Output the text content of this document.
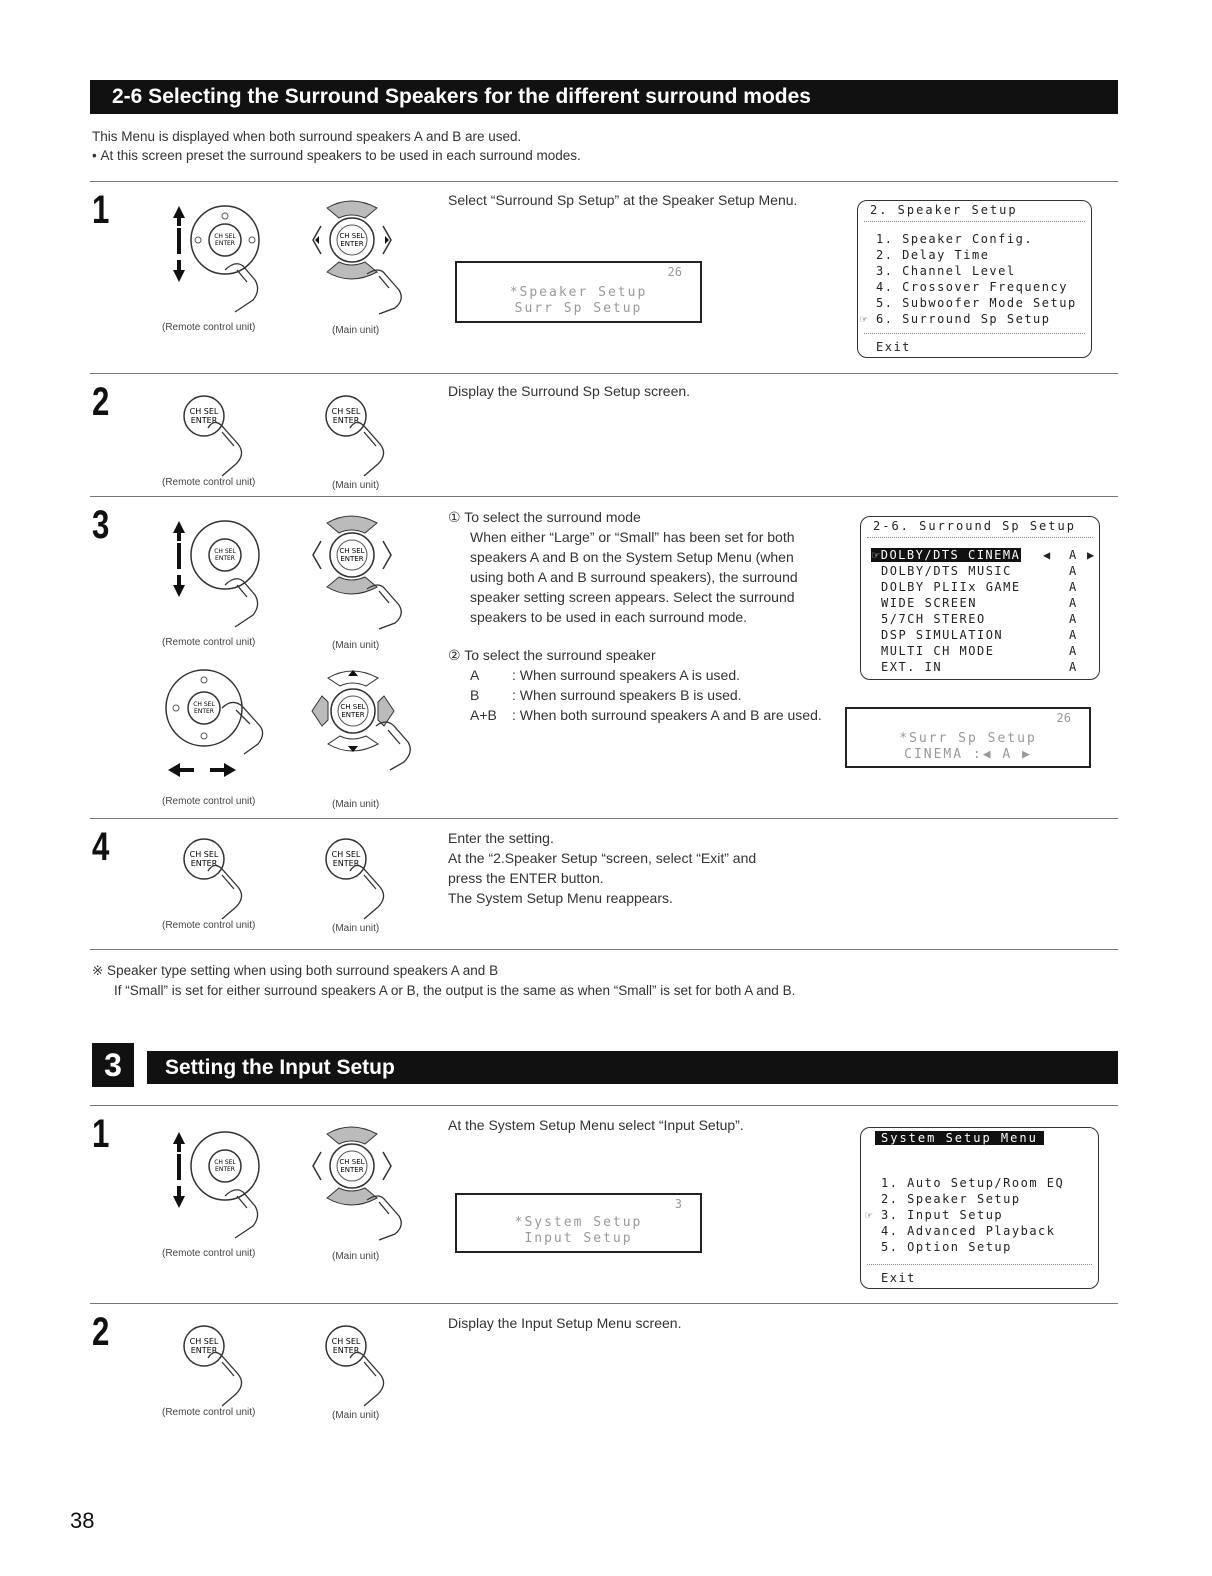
2-6 Selecting the Surround Speakers for the different surround modes
This Menu is displayed when both surround speakers A and B are used.
• At this screen preset the surround speakers to be used in each surround modes.
1
CH SEL
ENTER
CH SEL
ENTER
(Remote control unit)	(Main unit)
Select “Surround Sp Setup” at the Speaker Setup Menu.
26
*Speaker Setup
Surr Sp Setup
2. Speaker Setup
1. Speaker Config.
2. Delay Time
3. Channel Level
4. Crossover Frequency
5. Subwoofer Mode Setup
☞ 6. Surround Sp Setup
Exit
2	CH SEL
ENTER
CH SEL
ENTER
(Remote control unit)	(Main unit)
Display the Surround Sp Setup screen.
3
CH SEL
ENTER
CH SEL
ENTER
(Remote control unit)	(Main unit)
CH SEL
ENTER
CH SEL
ENTER
(Remote control unit)	(Main unit)
① To select the surround mode
When either “Large” or “Small” has been set for both speakers A and B on the System Setup Menu (when using both A and B surround speakers), the surround speaker setting screen appears. Select the surround speakers to be used in each surround mode.
② To select the surround speaker
A	: When surround speakers A is used.
B	: When surround speakers B is used.
A+B	: When both surround speakers A and B are used.
2-6. Surround Sp Setup
☞DOLBY/DTS CINEMA ◀ A ▶
DOLBY/DTS MUSIC	A
DOLBY PLIIx GAME	A
WIDE SCREEN	A
5/7CH STEREO	A
DSP SIMULATION	A
MULTI CH MODE	A
EXT. IN	A
26
*Surr Sp Setup
CINEMA :◀ A ▶
4	CH SEL
ENTER
CH SEL
ENTER
(Remote control unit)	(Main unit)
Enter the setting.
At the “2.Speaker Setup “screen, select “Exit” and
press the ENTER button.
The System Setup Menu reappears.
※ Speaker type setting when using both surround speakers A and B
If “Small” is set for either surround speakers A or B, the output is the same as when “Small” is set for both A and B.
3	Setting the Input Setup
1
CH SEL
ENTER
CH SEL
ENTER
(Remote control unit)	(Main unit)
At the System Setup Menu select “Input Setup”.
3
*System Setup
Input Setup
System Setup Menu
1. Auto Setup/Room EQ
2. Speaker Setup
☞ 3. Input Setup
4. Advanced Playback
5. Option Setup
Exit
2	CH SEL
ENTER
CH SEL
ENTER
(Remote control unit)	(Main unit)
Display the Input Setup Menu screen.
38
